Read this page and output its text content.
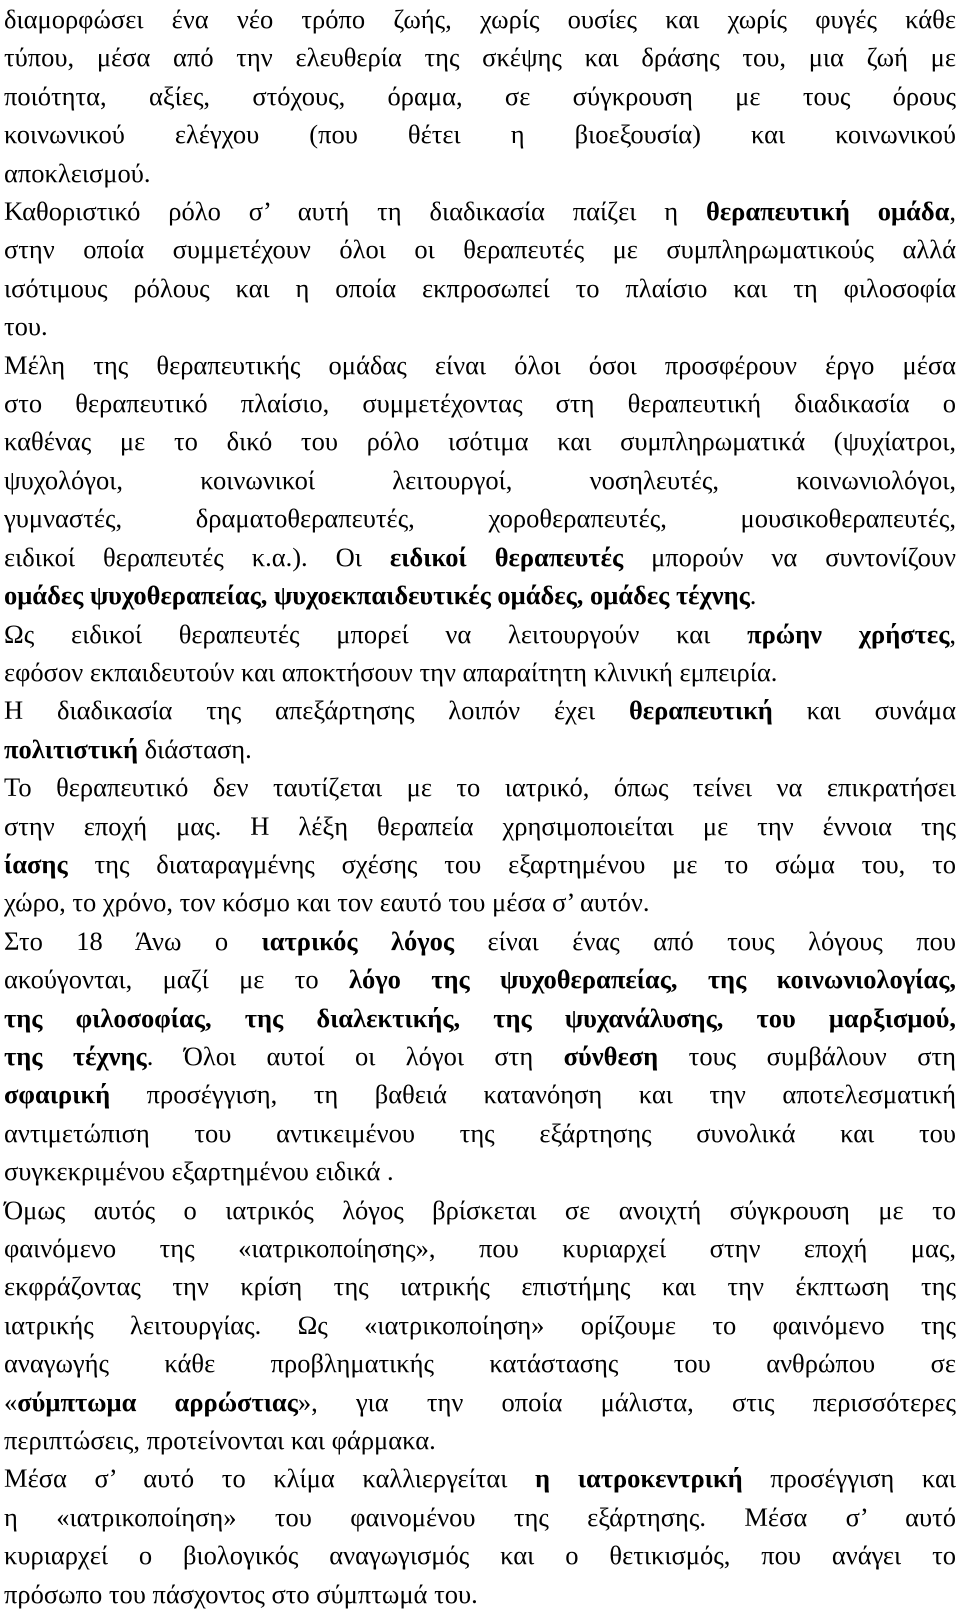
διαμορφώσει ένα νέο τρόπο ζωής, χωρίς ουσίες και χωρίς φυγές κάθε
τύπου, μέσα από την ελευθερία της σκέψης και δράσης του, μια ζωή με
ποιότητα, αξίες, στόχους, όραμα, σε σύγκρουση με τους όρους
κοινωνικού ελέγχου (που θέτει η βιοεξουσία) και κοινωνικού
αποκλεισμού.
Καθοριστικό ρόλο σ’ αυτή τη διαδικασία παίζει η θεραπευτική ομάδα,
στην οποία συμμετέχουν όλοι οι θεραπευτές με συμπληρωματικούς αλλά
ισότιμους ρόλους και η οποία εκπροσωπεί το πλαίσιο και τη φιλοσοφία
του.
Μέλη της θεραπευτικής ομάδας είναι όλοι όσοι προσφέρουν έργο μέσα
στο θεραπευτικό πλαίσιο, συμμετέχοντας στη θεραπευτική διαδικασία ο
καθένας με το δικό του ρόλο ισότιμα και συμπληρωματικά (ψυχίατροι,
ψυχολόγοι, κοινωνικοί λειτουργοί, νοσηλευτές, κοινωνιολόγοι,
γυμναστές, δραματοθεραπευτές, χοροθεραπευτές, μουσικοθεραπευτές,
ειδικοί θεραπευτές κ.α.). Οι ειδικοί θεραπευτές μπορούν να συντονίζουν
ομάδες ψυχοθεραπείας, ψυχοεκπαιδευτικές ομάδες, ομάδες τέχνης.
Ως ειδικοί θεραπευτές μπορεί να λειτουργούν και πρώην χρήστες,
εφόσον εκπαιδευτούν και αποκτήσουν την απαραίτητη κλινική εμπειρία.
Η διαδικασία της απεξάρτησης λοιπόν έχει θεραπευτική και συνάμα
πολιτιστική διάσταση.
Το θεραπευτικό δεν ταυτίζεται με το ιατρικό, όπως τείνει να επικρατήσει
στην εποχή μας. Η λέξη θεραπεία χρησιμοποιείται με την έννοια της
ίασης της διαταραγμένης σχέσης του εξαρτημένου με το σώμα του, το
χώρο, το χρόνο, τον κόσμο και τον εαυτό του μέσα σ’ αυτόν.
Στο 18 Άνω ο ιατρικός λόγος είναι ένας από τους λόγους που
ακούγονται, μαζί με το λόγο της ψυχοθεραπείας, της κοινωνιολογίας,
της φιλοσοφίας, της διαλεκτικής, της ψυχανάλυσης, του μαρξισμού,
της τέχνης. Όλοι αυτοί οι λόγοι στη σύνθεση τους συμβάλουν στη
σφαιρική προσέγγιση, τη βαθειά κατανόηση και την αποτελεσματική
αντιμετώπιση του αντικειμένου της εξάρτησης συνολικά και του
συγκεκριμένου εξαρτημένου ειδικά .
Όμως αυτός ο ιατρικός λόγος βρίσκεται σε ανοιχτή σύγκρουση με το
φαινόμενο της «ιατρικοποίησης», που κυριαρχεί στην εποχή μας,
εκφράζοντας την κρίση της ιατρικής επιστήμης και την έκπτωση της
ιατρικής λειτουργίας. Ως «ιατρικοποίηση» ορίζουμε το φαινόμενο της
αναγωγής κάθε προβληματικής κατάστασης του ανθρώπου σε
«σύμπτωμα αρρώστιας», για την οποία μάλιστα, στις περισσότερες
περιπτώσεις, προτείνονται και φάρμακα.
Μέσα σ’ αυτό το κλίμα καλλιεργείται η ιατροκεντρική προσέγγιση και
η «ιατρικοποίηση» του φαινομένου της εξάρτησης. Μέσα σ’ αυτό
κυριαρχεί ο βιολογικός αναγωγισμός και ο θετικισμός, που ανάγει το
πρόσωπο του πάσχοντος στο σύμπτωμά του.
